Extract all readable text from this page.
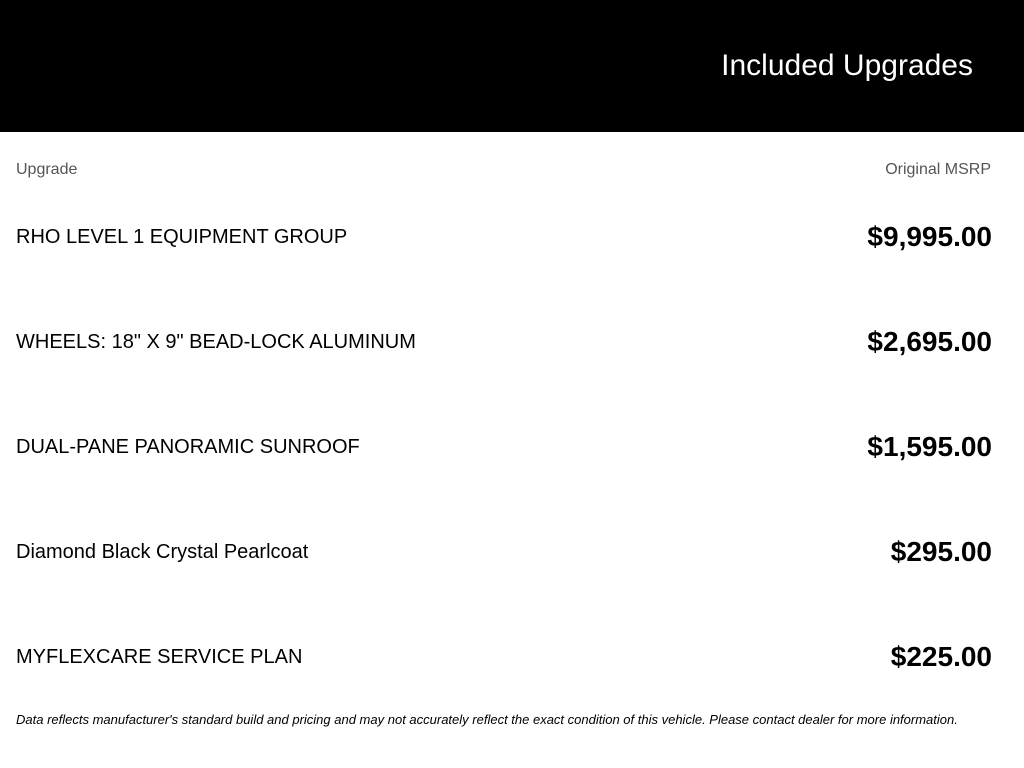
Included Upgrades
Upgrade	Original MSRP
RHO LEVEL 1 EQUIPMENT GROUP	$9,995.00
WHEELS: 18" X 9" BEAD-LOCK ALUMINUM	$2,695.00
DUAL-PANE PANORAMIC SUNROOF	$1,595.00
Diamond Black Crystal Pearlcoat	$295.00
MYFLEXCARE SERVICE PLAN	$225.00
Data reflects manufacturer's standard build and pricing and may not accurately reflect the exact condition of this vehicle. Please contact dealer for more information.
